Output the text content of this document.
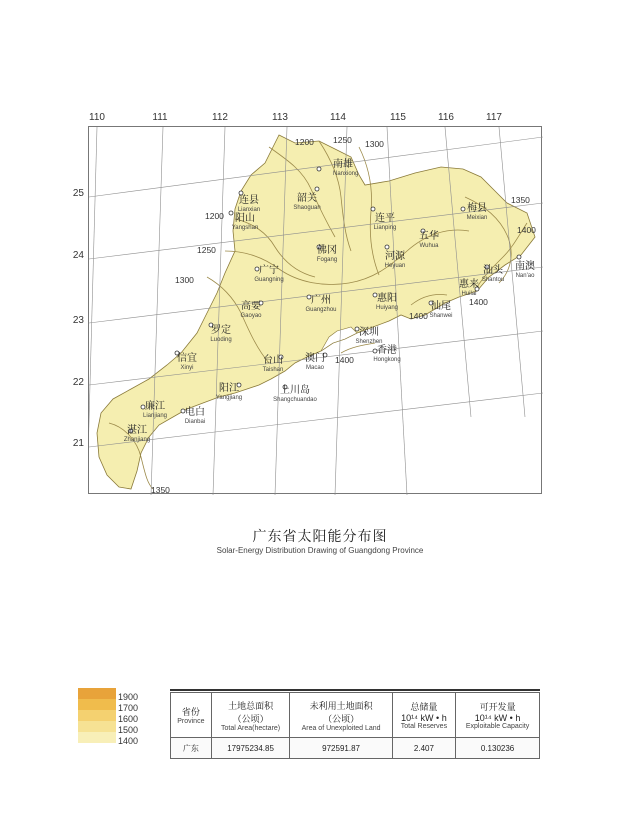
1200 1250 1300
1200
1250
1300
1350
1400
1400
1400
1400
1350
南雄
Nanxiong
韶关
Shaoguan
连县
Lianxian
阳山
Yangshan
连平
Lianping
梅县
Meixian
五华
Wuhua
佛冈
Fogang	河源
Heyuan
广宁
Guangning
汕头
Shantou
南澳
Nan'ao
惠来
Huilai
高要
Gaoyao
广州
Guangzhou
惠阳
Huiyang	汕尾
Shanwei
罗定
Luoding
深圳
Shenzhen
信宜
Xinyi
台山
Taishan
澳门
Macao
香港
Hongkong
阳江
Yangjiang
上川岛
Shangchuandao
廉江
Lianjiang 电白
Dianbai
湛江
Zhanjiang
广东省太阳能分布图
Solar-Energy Distribution Drawing of Guangdong Province
1900
1700
1600
1500
1400
省份
Province	土地总面积
（公顷）
Total Area(hectare)	未利用土地面积
（公顷）
Area of Unexploited Land	总储量
10¹⁴ kW • h
Total Reserves	可开发量
10¹⁴ kW • h
Exploitable Capacity

广东	17975234.85	972591.87	2.407	0.130236
110	111	112	113	114	115	116	117
25
24
23
22
21
